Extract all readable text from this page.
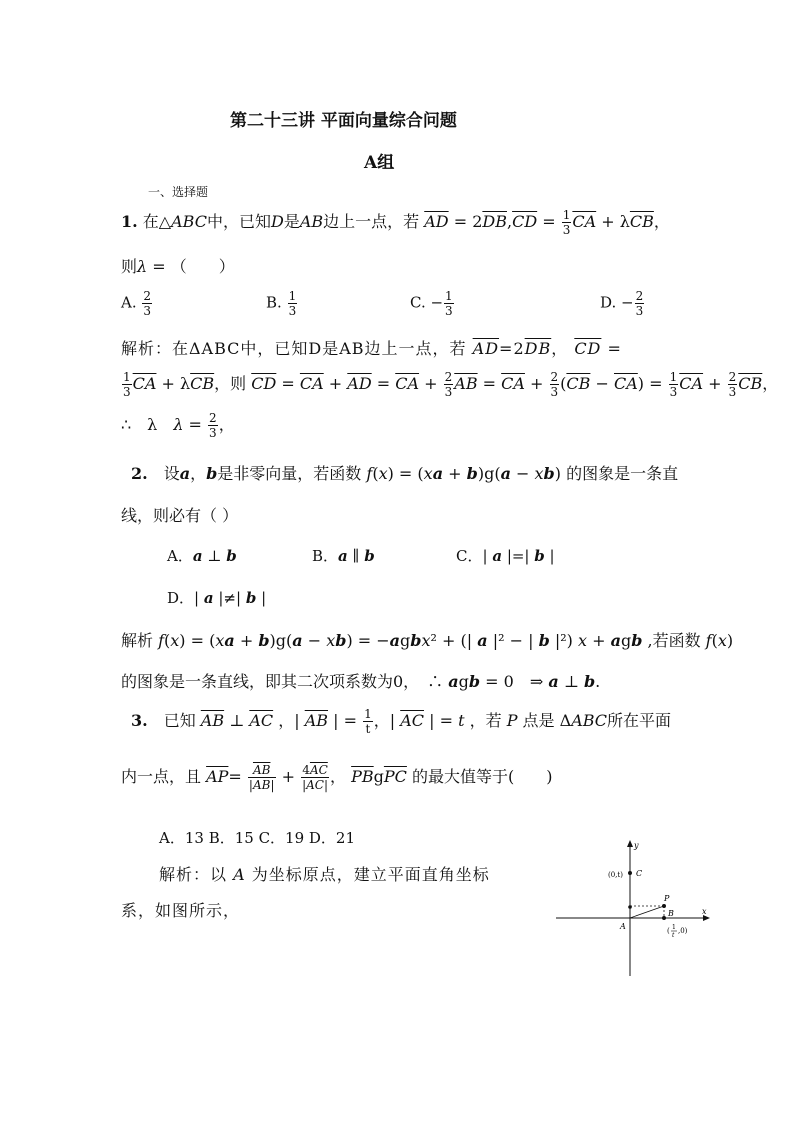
第二十三讲 平面向量综合问题
A组
一、选择题
1. 在△ABC中，已知D是AB边上一点，若 $\overline{AD} = 2\overline{DB},\overline{CD} = \frac{1}{3} \overline{CA} + \lambda\overline{CB}$，
则λ = （　　）
A. $\frac{2}{3}$	B. $\frac{1}{3}$	C. − $\frac{1}{3}$	D. − $\frac{2}{3}$
解析：在ΔABC中，已知D是AB边上一点，若 $\overline{AD}=2\overline{DB}$， $\overline{CD}$ =
$\frac{1}{3} \overline{CA} + \lambda\overline{CB}$，则 $\overline{CD} = \overline{CA} + \overline{AD} = \overline{CA} + \frac{2}{3} \overline{AB} = \overline{CA} + \frac{2}{3} (\overline{CB} - \overline{CA}) = \frac{1}{3} \overline{CA} + \frac{2}{3} \overline{CB}$，
∴　λ　$\lambda = \frac{2}{3}$ ，
2.　设a，b是非零向量，若函数 f(x) = (xa + b)g(a − xb) 的图象是一条直
线，则必有（ ）
A．a ⊥ b	B．a ∥ b	C．| a |=| b |
D．| a |≠| b |
解析 f(x) = (xa + b)g(a − xb) = −agbx² + (| a |² − | b |²) x + agb ,若函数 f(x)
的图象是一条直线，即其二次项系数为0，　∴ agb = 0　⇒ a ⊥ b.
3.　已知 $\overline{AB}$ ⊥ $\overline{AC}$ ，| $\overline{AB}$ | = $\frac{1}{t}$ ，| $\overline{AC}$ | = t ，若 P 点是 ΔABC所在平面
内一点，且 $\overline{AP}= \frac{\overline{AB}}{|\overline{AB}|} + \frac{4\overline{AC}}{|\overline{AC}|}$ ， $\overline{PB}g\overline{PC}$ 的最大值等于(　　)
A．13 B．15 C．19 D．21
解析：以 A 为坐标原点，建立平面直角坐标
系，如图所示，
y
x
C
(0,t)
P
B
( 1
t
,0)
A
